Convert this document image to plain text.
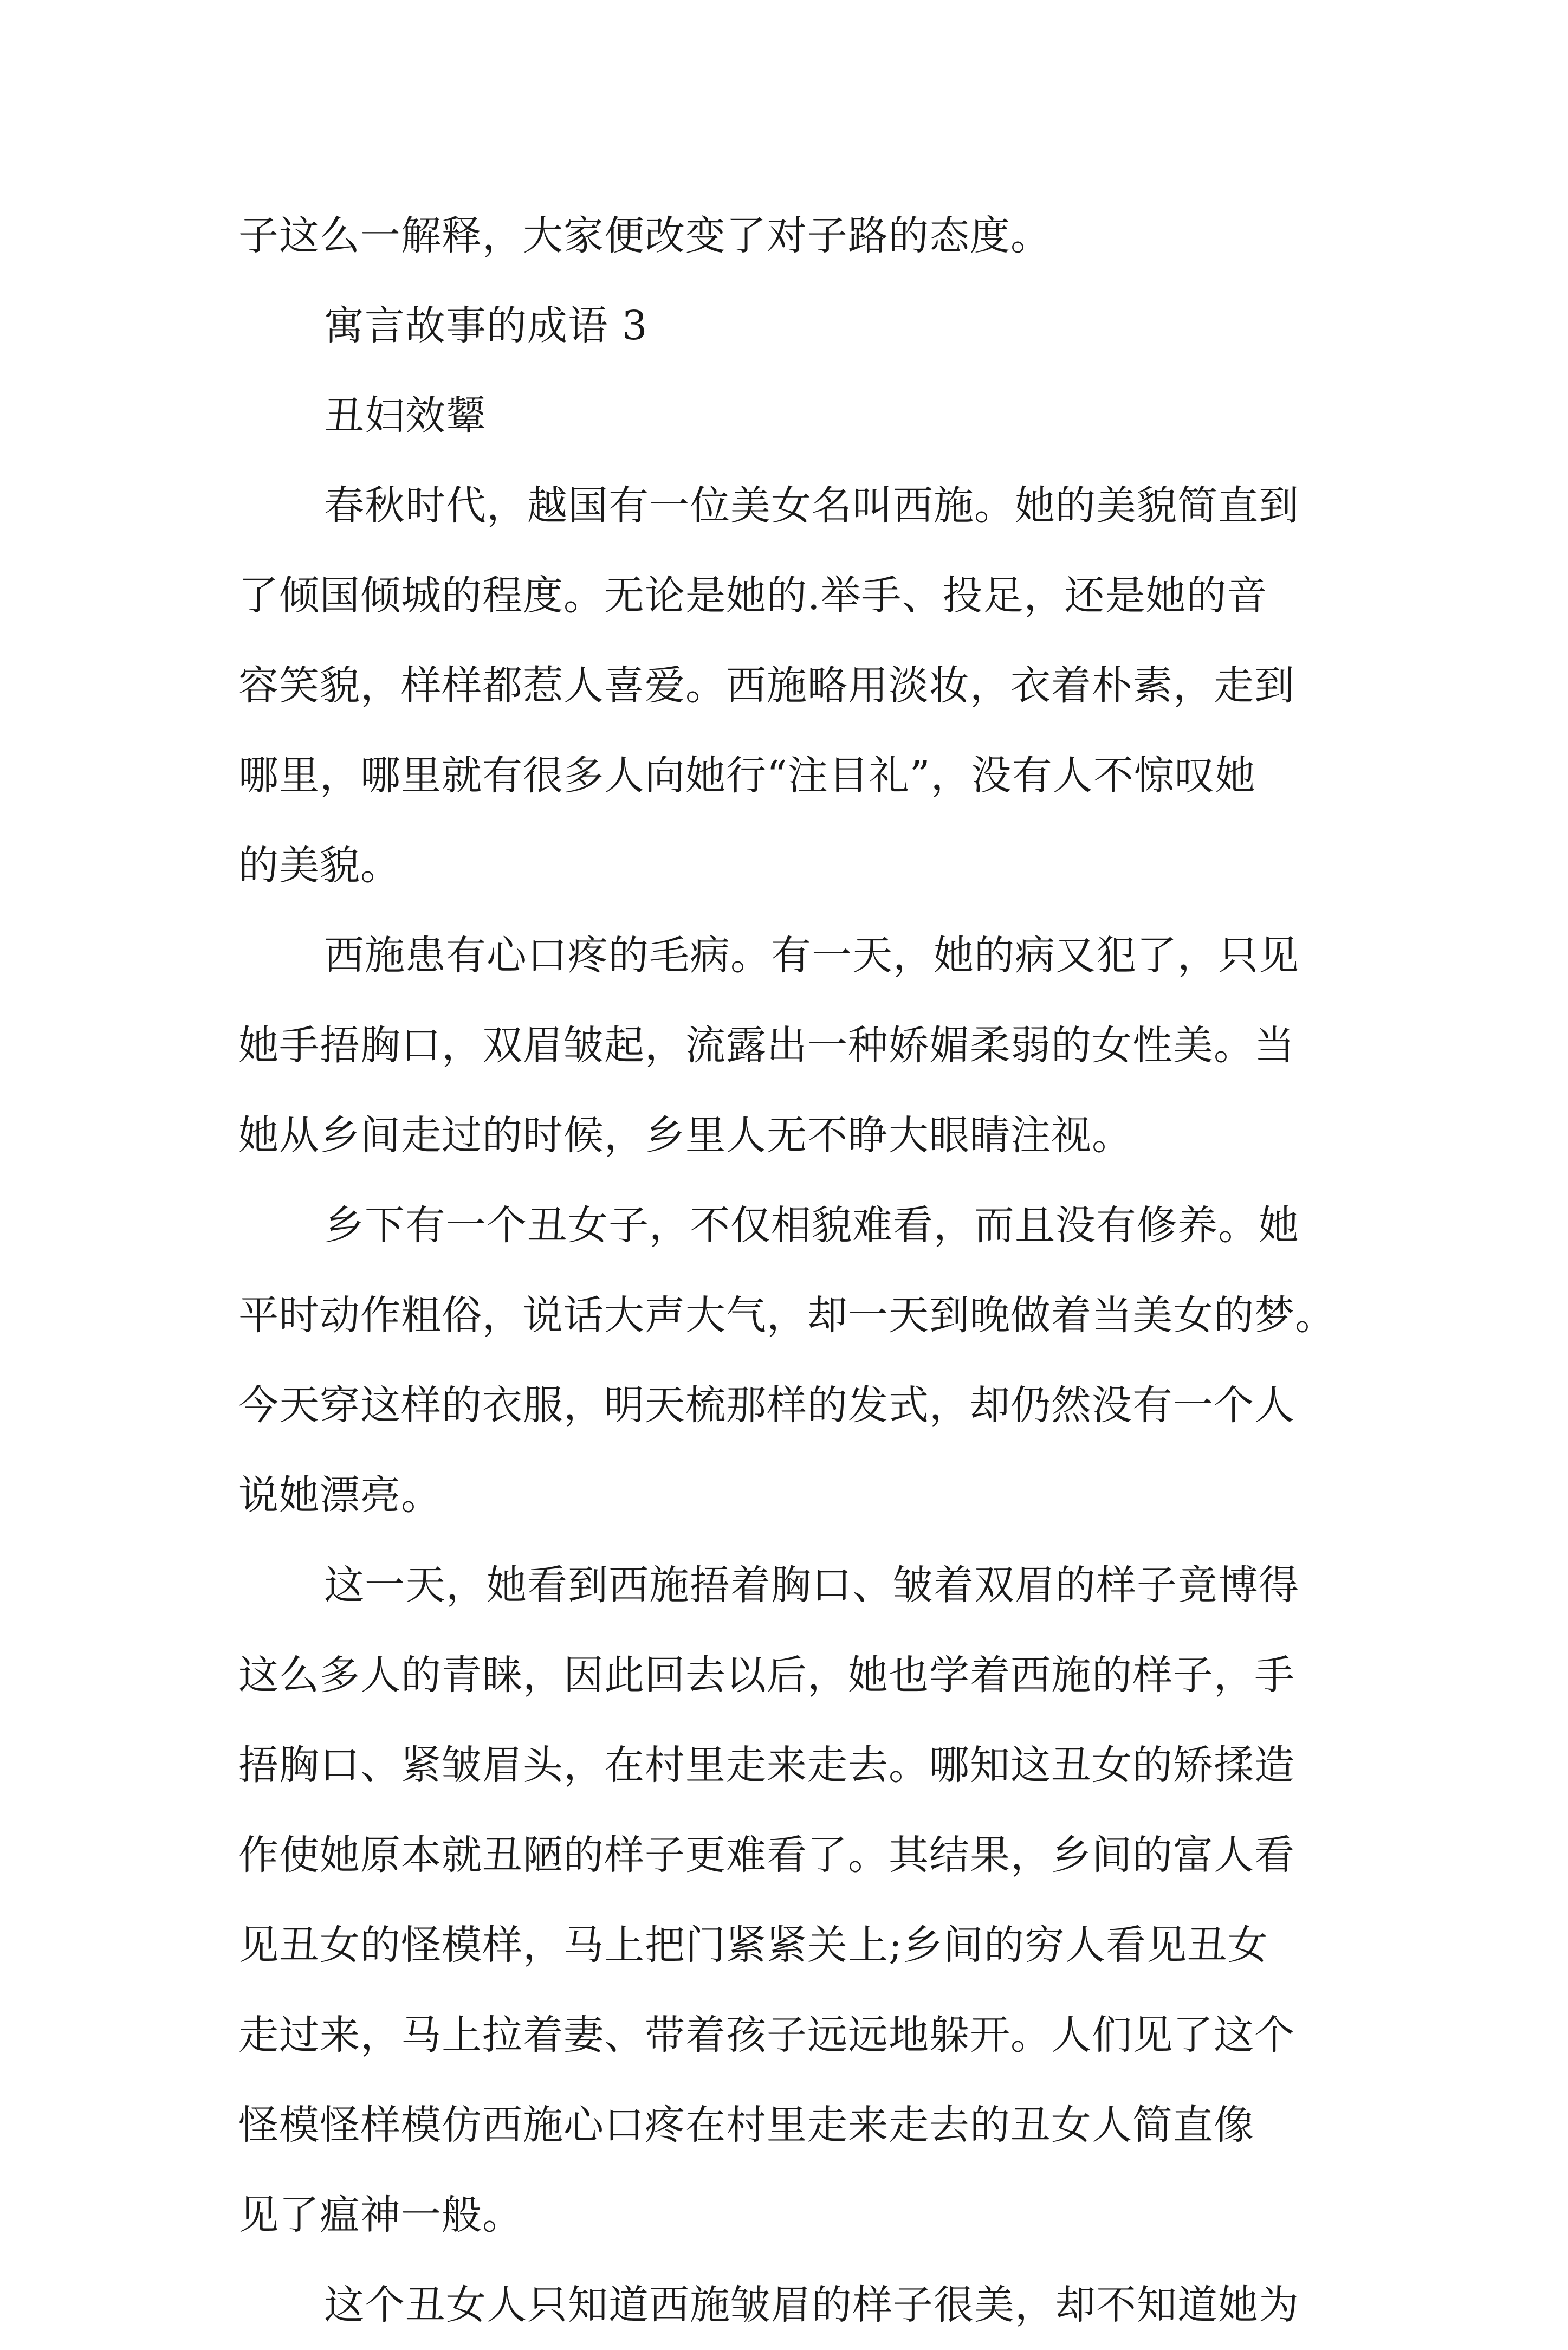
子这么一解释，大家便改变了对子路的态度。
寓言故事的成语 3
丑妇效颦
春秋时代，越国有一位美女名叫西施。她的美貌简直到
了倾国倾城的程度。无论是她的.举手、投足，还是她的音
容笑貌，样样都惹人喜爱。西施略用淡妆，衣着朴素，走到
哪里，哪里就有很多人向她行“注目礼”，没有人不惊叹她
的美貌。
西施患有心口疼的毛病。有一天，她的病又犯了，只见
她手捂胸口，双眉皱起，流露出一种娇媚柔弱的女性美。当
她从乡间走过的时候，乡里人无不睁大眼睛注视。
乡下有一个丑女子，不仅相貌难看，而且没有修养。她
平时动作粗俗，说话大声大气，却一天到晚做着当美女的梦。
今天穿这样的衣服，明天梳那样的发式，却仍然没有一个人
说她漂亮。
这一天，她看到西施捂着胸口、皱着双眉的样子竟博得
这么多人的青睐，因此回去以后，她也学着西施的样子，手
捂胸口、紧皱眉头，在村里走来走去。哪知这丑女的矫揉造
作使她原本就丑陋的样子更难看了。其结果，乡间的富人看
见丑女的怪模样，马上把门紧紧关上;乡间的穷人看见丑女
走过来，马上拉着妻、带着孩子远远地躲开。人们见了这个
怪模怪样模仿西施心口疼在村里走来走去的丑女人简直像
见了瘟神一般。
这个丑女人只知道西施皱眉的样子很美，却不知道她为
